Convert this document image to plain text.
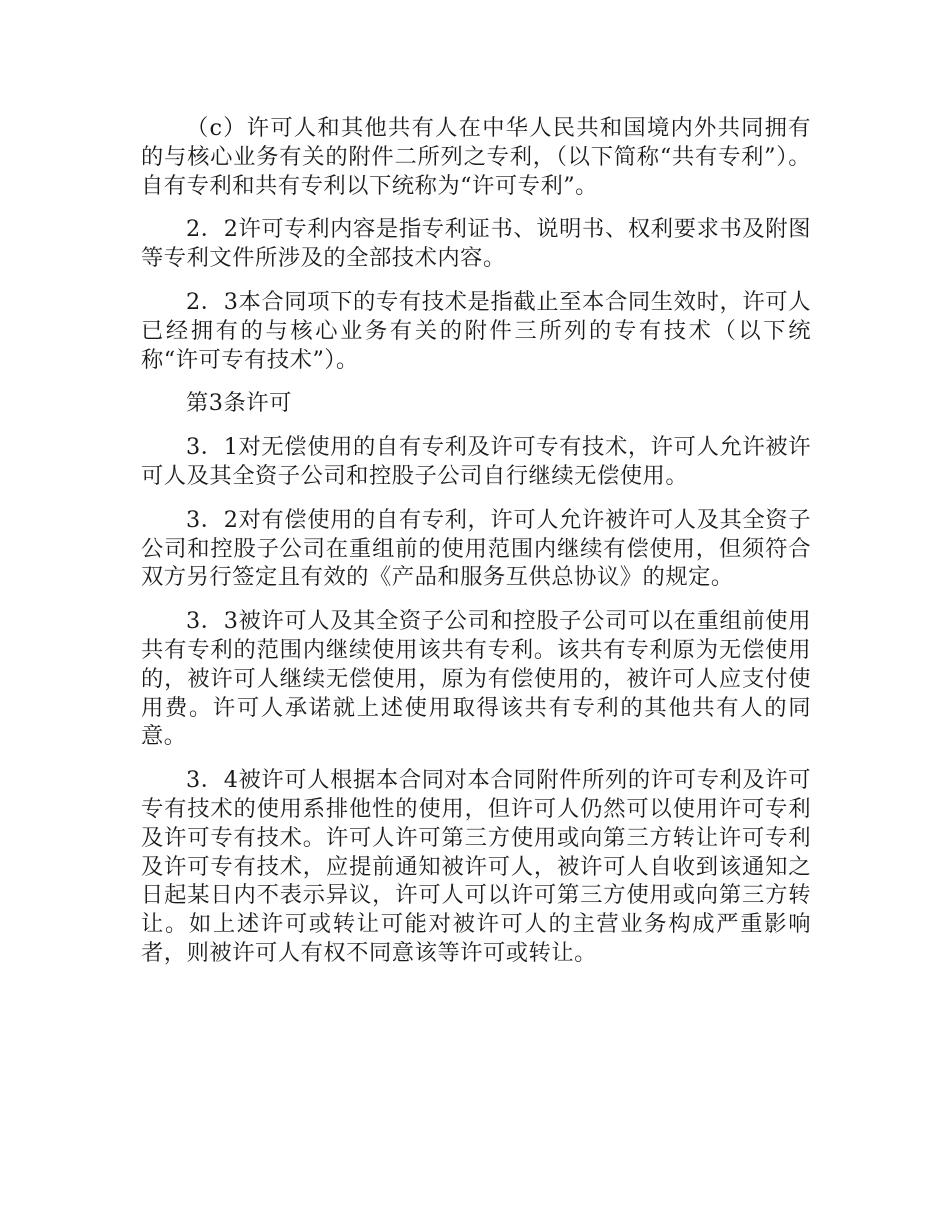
（c）许可人和其他共有人在中华人民共和国境内外共同拥有的与核心业务有关的附件二所列之专利，（以下简称“共有专利”）。自有专利和共有专利以下统称为“许可专利”。

2．2许可专利内容是指专利证书、说明书、权利要求书及附图等专利文件所涉及的全部技术内容。

2．3本合同项下的专有技术是指截止至本合同生效时，许可人已经拥有的与核心业务有关的附件三所列的专有技术（以下统称“许可专有技术”）。

第3条许可

3．1对无偿使用的自有专利及许可专有技术，许可人允许被许可人及其全资子公司和控股子公司自行继续无偿使用。

3．2对有偿使用的自有专利，许可人允许被许可人及其全资子公司和控股子公司在重组前的使用范围内继续有偿使用，但须符合双方另行签定且有效的《产品和服务互供总协议》的规定。

3．3被许可人及其全资子公司和控股子公司可以在重组前使用共有专利的范围内继续使用该共有专利。该共有专利原为无偿使用的，被许可人继续无偿使用，原为有偿使用的，被许可人应支付使用费。许可人承诺就上述使用取得该共有专利的其他共有人的同意。

3．4被许可人根据本合同对本合同附件所列的许可专利及许可专有技术的使用系排他性的使用，但许可人仍然可以使用许可专利及许可专有技术。许可人许可第三方使用或向第三方转让许可专利及许可专有技术，应提前通知被许可人，被许可人自收到该通知之日起某日内不表示异议，许可人可以许可第三方使用或向第三方转让。如上述许可或转让可能对被许可人的主营业务构成严重影响者，则被许可人有权不同意该等许可或转让。
